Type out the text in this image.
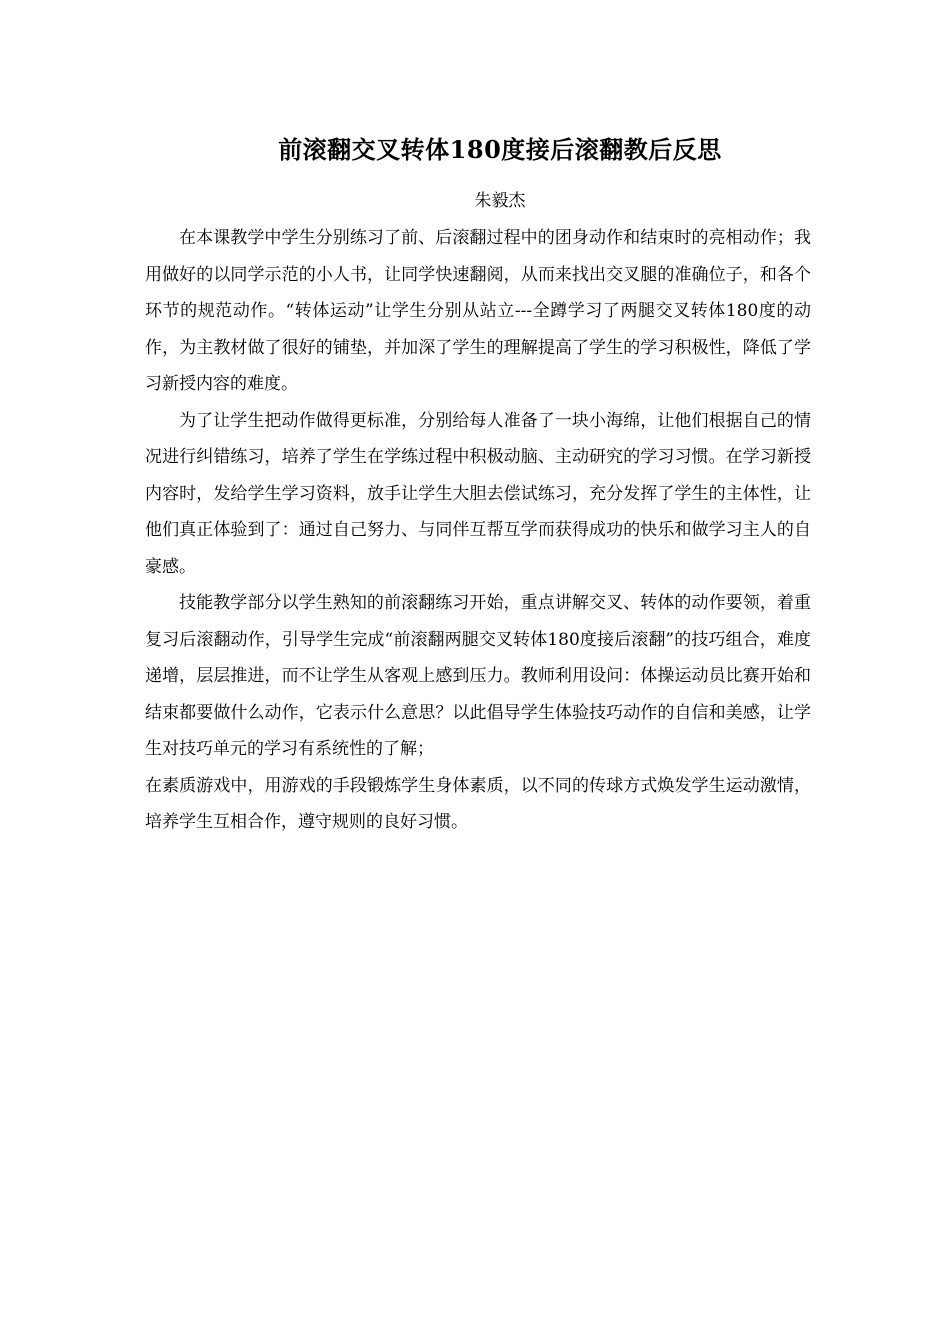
前滚翻交叉转体180度接后滚翻教后反思
朱毅杰

在本课教学中学生分别练习了前、后滚翻过程中的团身动作和结束时的亮相动作；我用做好的以同学示范的小人书，让同学快速翻阅，从而来找出交叉腿的准确位子，和各个环节的规范动作。“转体运动”让学生分别从站立---全蹲学习了两腿交叉转体180度的动作，为主教材做了很好的铺垫，并加深了学生的理解提高了学生的学习积极性，降低了学习新授内容的难度。

为了让学生把动作做得更标准，分别给每人准备了一块小海绵，让他们根据自己的情况进行纠错练习，培养了学生在学练过程中积极动脑、主动研究的学习习惯。在学习新授内容时，发给学生学习资料，放手让学生大胆去偿试练习，充分发挥了学生的主体性，让他们真正体验到了：通过自己努力、与同伴互帮互学而获得成功的快乐和做学习主人的自豪感。

技能教学部分以学生熟知的前滚翻练习开始，重点讲解交叉、转体的动作要领，着重复习后滚翻动作，引导学生完成“前滚翻两腿交叉转体180度接后滚翻”的技巧组合，难度递增，层层推进，而不让学生从客观上感到压力。教师利用设问：体操运动员比赛开始和结束都要做什么动作，它表示什么意思？以此倡导学生体验技巧动作的自信和美感，让学生对技巧单元的学习有系统性的了解；

在素质游戏中，用游戏的手段锻炼学生身体素质，以不同的传球方式焕发学生运动激情，培养学生互相合作，遵守规则的良好习惯。
